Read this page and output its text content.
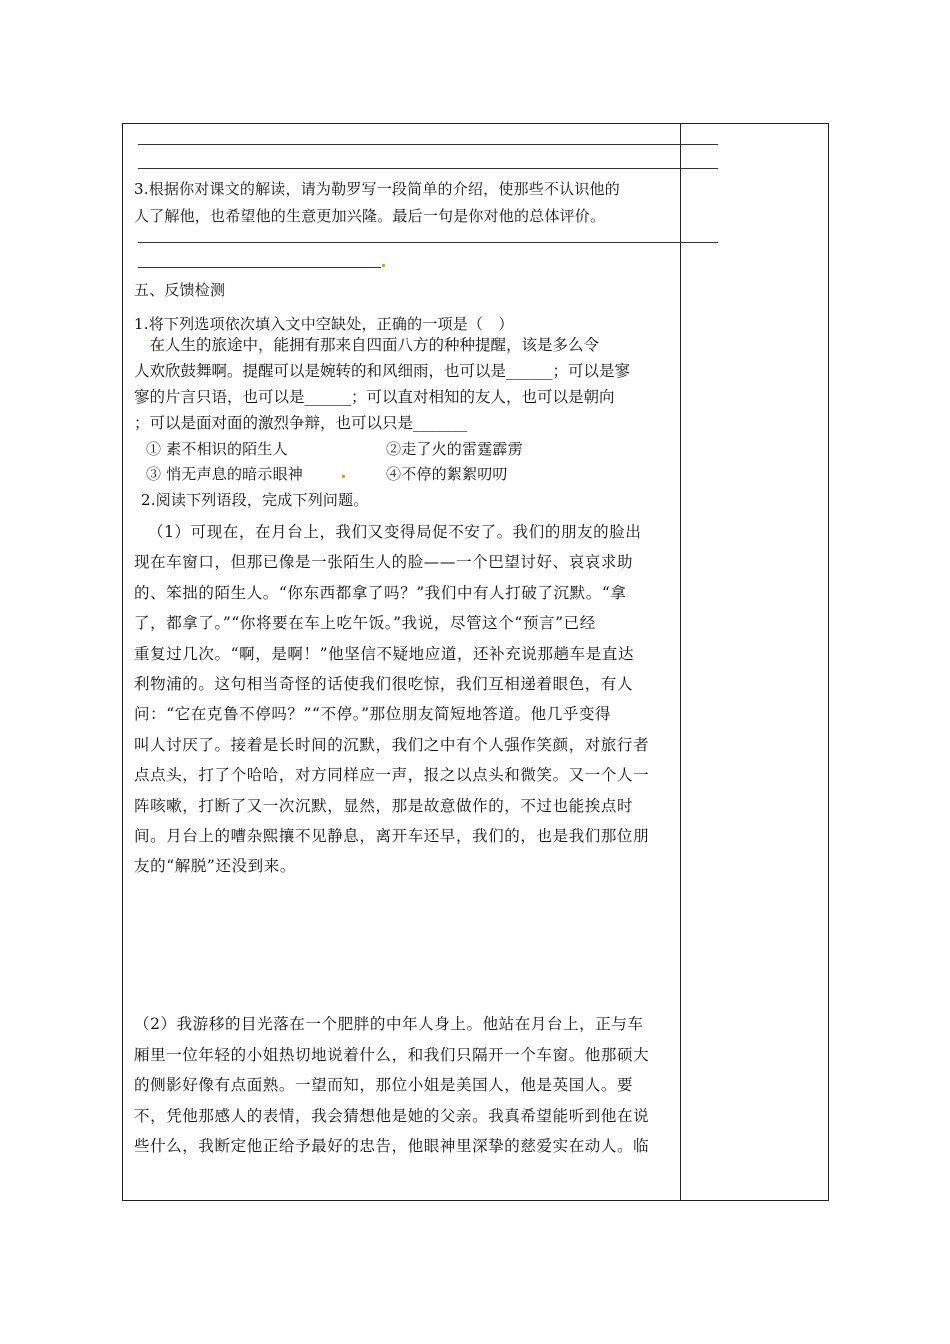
3.根据你对课文的解读，请为勒罗写一段简单的介绍，使那些不认识他的
人了解他，也希望他的生意更加兴隆。最后一句是你对他的总体评价。
五、反馈检测
1.将下列选项依次填入文中空缺处，正确的一项是（　）
　在人生的旅途中，能拥有那来自四面八方的种种提醒，该是多么令
人欢欣鼓舞啊。提醒可以是婉转的和风细雨，也可以是______；可以是寥
寥的片言只语，也可以是______；可以直对相知的友人，也可以是朝向
；可以是面对面的激烈争辩，也可以只是_______
① 素不相识的陌生人	②走了火的雷霆霹雳
③ 悄无声息的暗示眼神	④不停的絮絮叨叨
2.阅读下列语段，完成下列问题。
（1）可现在，在月台上，我们又变得局促不安了。我们的朋友的脸出
现在车窗口，但那已像是一张陌生人的脸——一个巴望讨好、哀哀求助
的、笨拙的陌生人。“你东西都拿了吗？”我们中有人打破了沉默。“拿
了，都拿了。”“你将要在车上吃午饭。”我说，尽管这个“预言”已经
重复过几次。“啊，是啊！”他坚信不疑地应道，还补充说那趟车是直达
利物浦的。这句相当奇怪的话使我们很吃惊，我们互相递着眼色，有人
问：“它在克鲁不停吗？”“不停。”那位朋友简短地答道。他几乎变得
叫人讨厌了。接着是长时间的沉默，我们之中有个人强作笑颜，对旅行者
点点头，打了个哈哈，对方同样应一声，报之以点头和微笑。又一个人一
阵咳嗽，打断了又一次沉默，显然，那是故意做作的，不过也能挨点时
间。月台上的嘈杂熙攘不见静息，离开车还早，我们的，也是我们那位朋
友的“解脱”还没到来。
（2）我游移的目光落在一个肥胖的中年人身上。他站在月台上，正与车
厢里一位年轻的小姐热切地说着什么，和我们只隔开一个车窗。他那硕大
的侧影好像有点面熟。一望而知，那位小姐是美国人，他是英国人。要
不，凭他那感人的表情，我会猜想他是她的父亲。我真希望能听到他在说
些什么，我断定他正给予最好的忠告，他眼神里深挚的慈爱实在动人。临
